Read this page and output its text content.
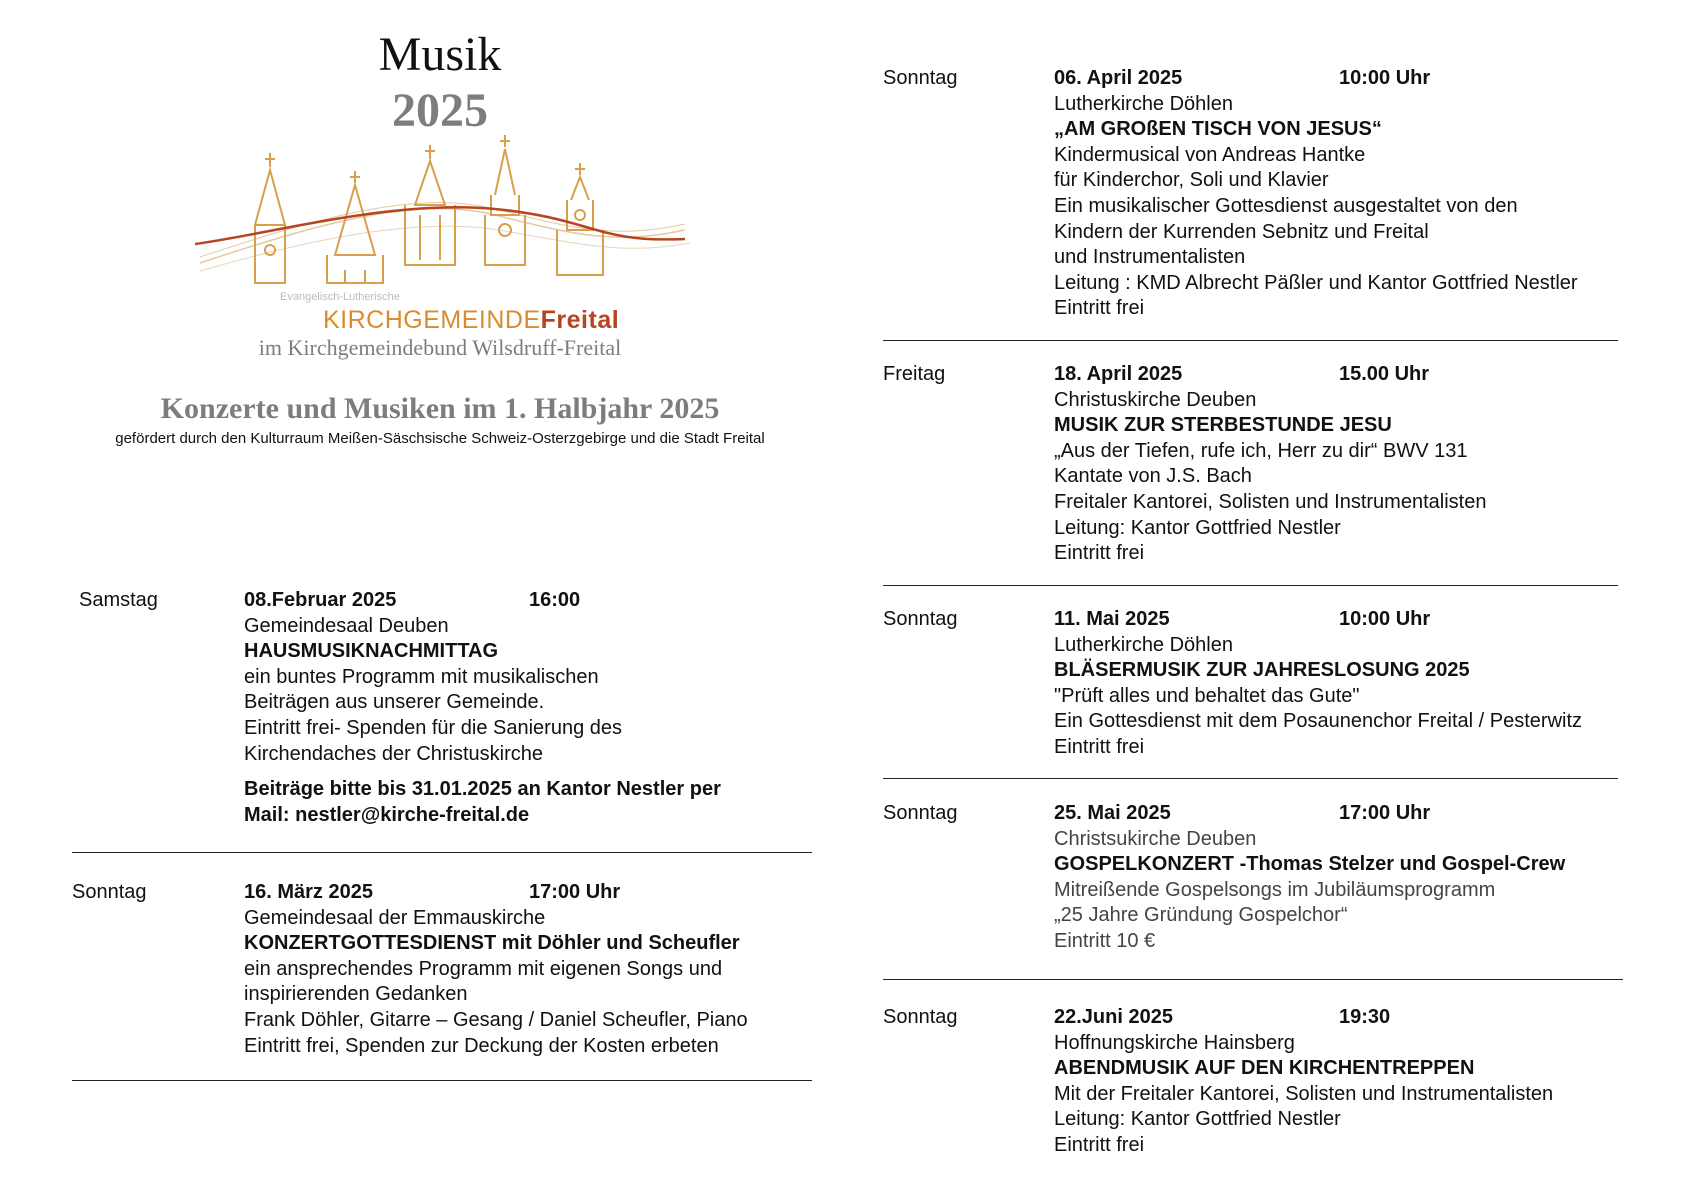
Musik
2025
Evangelisch-Lutherische
KIRCHGEMEINDEFreital
im Kirchgemeindebund Wilsdruff-Freital
Konzerte und Musiken im 1. Halbjahr 2025
gefördert durch den Kulturraum Meißen-Säschsische Schweiz-Osterzgebirge und die Stadt Freital
Samstag	08.Februar 2025	16:00
Gemeindesaal Deuben
HAUSMUSIKNACHMITTAG
ein buntes Programm mit musikalischen
Beiträgen aus unserer Gemeinde.
Eintritt frei- Spenden für die Sanierung des
Kirchendaches der Christuskirche
Beiträge bitte bis 31.01.2025 an Kantor Nestler per
Mail: nestler@kirche-freital.de
Sonntag	16. März 2025	17:00 Uhr
Gemeindesaal der Emmauskirche
KONZERTGOTTESDIENST mit Döhler und Scheufler
ein ansprechendes Programm mit eigenen Songs und
inspirierenden Gedanken
Frank Döhler, Gitarre – Gesang / Daniel Scheufler, Piano
Eintritt frei, Spenden zur Deckung der Kosten erbeten
Sonntag	06. April 2025	10:00 Uhr
Lutherkirche Döhlen
„AM GROßEN TISCH VON JESUS“
Kindermusical von Andreas Hantke
für Kinderchor, Soli und Klavier
Ein musikalischer Gottesdienst ausgestaltet von den
Kindern der Kurrenden Sebnitz und Freital
und Instrumentalisten
Leitung : KMD Albrecht Päßler und Kantor Gottfried Nestler
Eintritt frei
Freitag	18. April 2025	15.00 Uhr
Christuskirche Deuben
MUSIK ZUR STERBESTUNDE JESU
„Aus der Tiefen, rufe ich, Herr zu dir“ BWV 131
Kantate von J.S. Bach
Freitaler Kantorei, Solisten und Instrumentalisten
Leitung: Kantor Gottfried Nestler
Eintritt frei
Sonntag	11. Mai 2025	10:00 Uhr
Lutherkirche Döhlen
BLÄSERMUSIK ZUR JAHRESLOSUNG 2025
"Prüft alles und behaltet das Gute"
Ein Gottesdienst mit dem Posaunenchor Freital / Pesterwitz
Eintritt frei
Sonntag	25. Mai 2025	17:00 Uhr
Christsukirche Deuben
GOSPELKONZERT -Thomas Stelzer und Gospel-Crew
Mitreißende Gospelsongs im Jubiläumsprogramm
„25 Jahre Gründung Gospelchor“
Eintritt 10 €
Sonntag	22.Juni 2025	19:30
Hoffnungskirche Hainsberg
ABENDMUSIK AUF DEN KIRCHENTREPPEN
Mit der Freitaler Kantorei, Solisten und Instrumentalisten
Leitung: Kantor Gottfried Nestler
Eintritt frei
